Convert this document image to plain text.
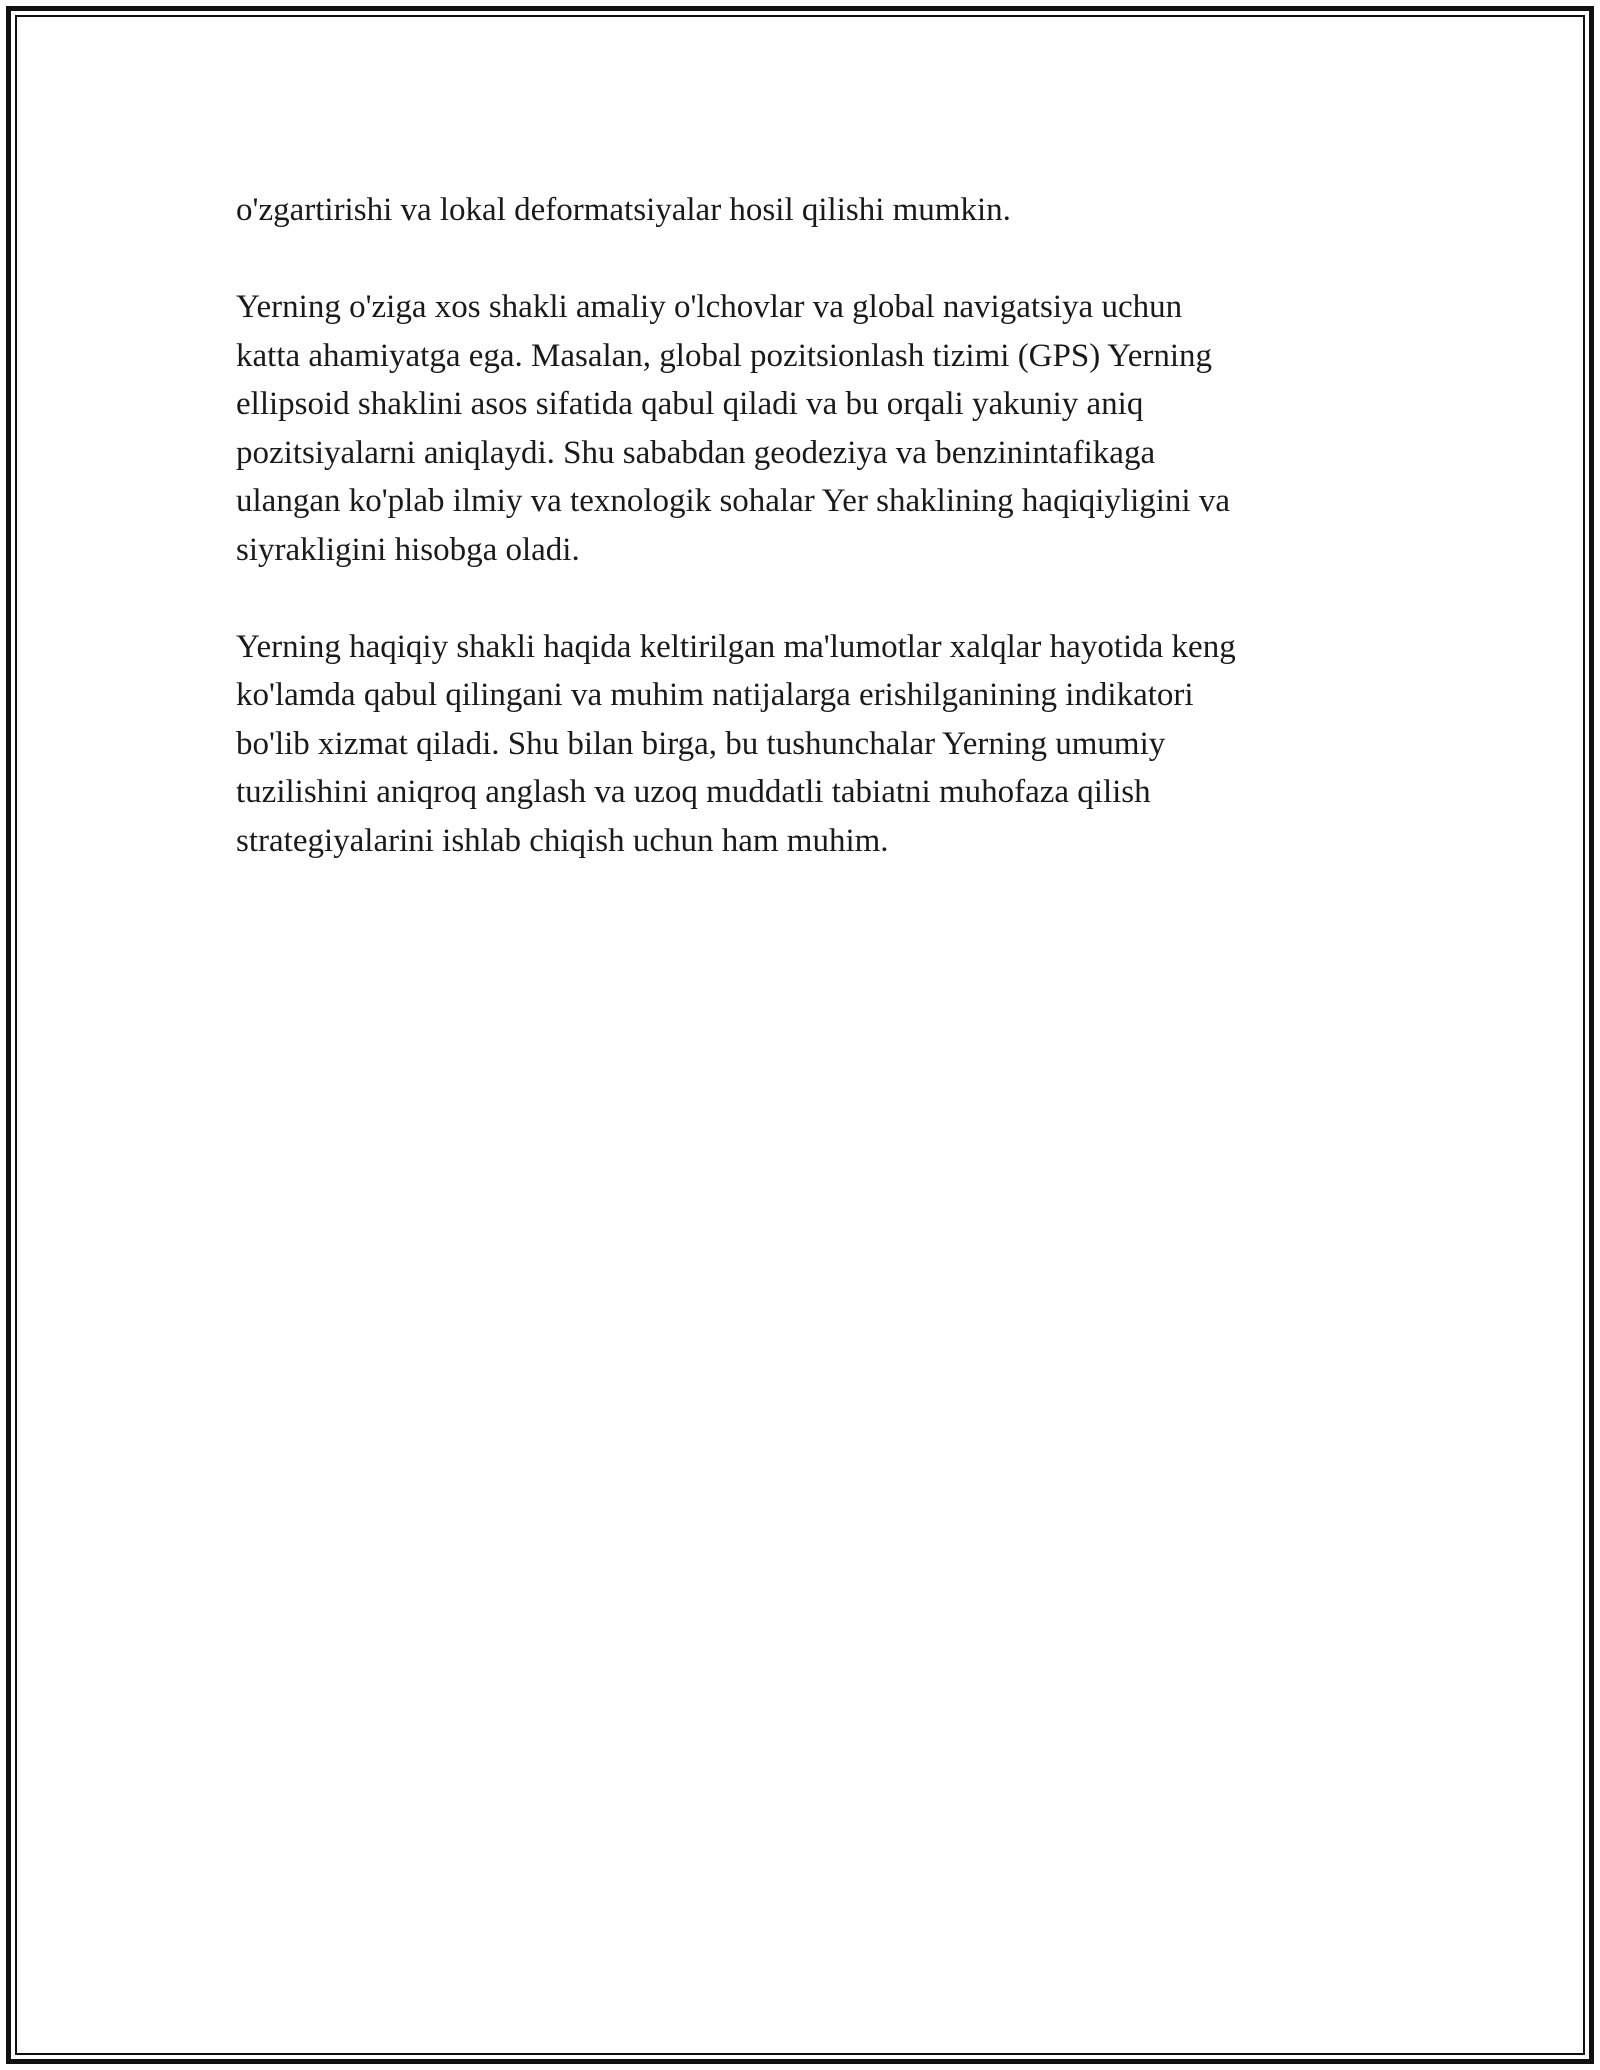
o'zgartirishi va lokal deformatsiyalar hosil qilishi mumkin.

Yerning o'ziga xos shakli amaliy o'lchovlar va global navigatsiya uchun
katta ahamiyatga ega. Masalan, global pozitsionlash tizimi (GPS) Yerning
ellipsoid shaklini asos sifatida qabul qiladi va bu orqali yakuniy aniq
pozitsiyalarni aniqlaydi. Shu sababdan geodeziya va benzinintafikaga
ulangan ko'plab ilmiy va texnologik sohalar Yer shaklining haqiqiyligini va
siyrakligini hisobga oladi.

Yerning haqiqiy shakli haqida keltirilgan ma'lumotlar xalqlar hayotida keng
ko'lamda qabul qilingani va muhim natijalarga erishilganining indikatori
bo'lib xizmat qiladi. Shu bilan birga, bu tushunchalar Yerning umumiy
tuzilishini aniqroq anglash va uzoq muddatli tabiatni muhofaza qilish
strategiyalarini ishlab chiqish uchun ham muhim.
